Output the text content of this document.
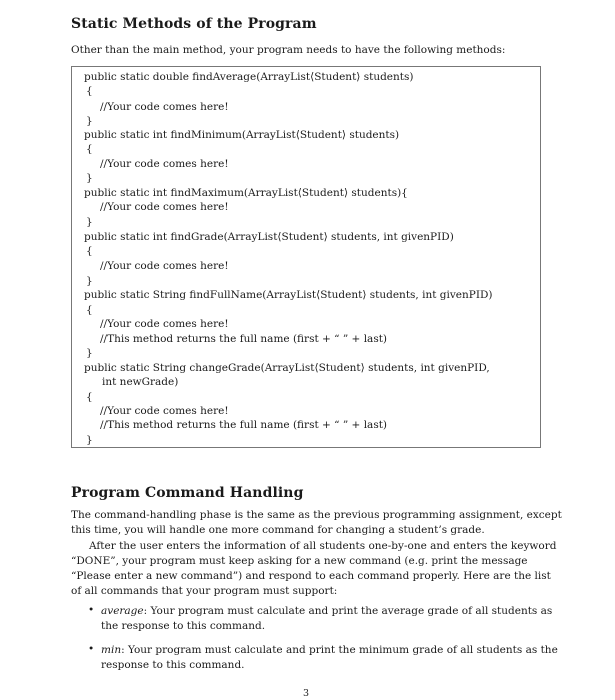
Static Methods of the Program
Other than the main method, your program needs to have the following methods:
public static double findAverage(ArrayList⟨Student⟩ students)
{
//Your code comes here!
}
public static int findMinimum(ArrayList⟨Student⟩ students)
{
//Your code comes here!
}
public static int findMaximum(ArrayList⟨Student⟩ students){
//Your code comes here!
}
public static int findGrade(ArrayList⟨Student⟩ students, int givenPID)
{
//Your code comes here!
}
public static String findFullName(ArrayList⟨Student⟩ students, int givenPID)
{
//Your code comes here!
//This method returns the full name (first + “ ” + last)
}
public static String changeGrade(ArrayList⟨Student⟩ students, int givenPID,
int newGrade)
{
//Your code comes here!
//This method returns the full name (first + “ ” + last)
}
Program Command Handling
The command-handling phase is the same as the previous programming assignment, except
this time, you will handle one more command for changing a student’s grade.
After the user enters the information of all students one-by-one and enters the keyword
“DONE”, your program must keep asking for a new command (e.g. print the message
“Please enter a new command”) and respond to each command properly. Here are the list
of all commands that your program must support:
• average: Your program must calculate and print the average grade of all students as
the response to this command.
• min: Your program must calculate and print the minimum grade of all students as the
response to this command.
3
